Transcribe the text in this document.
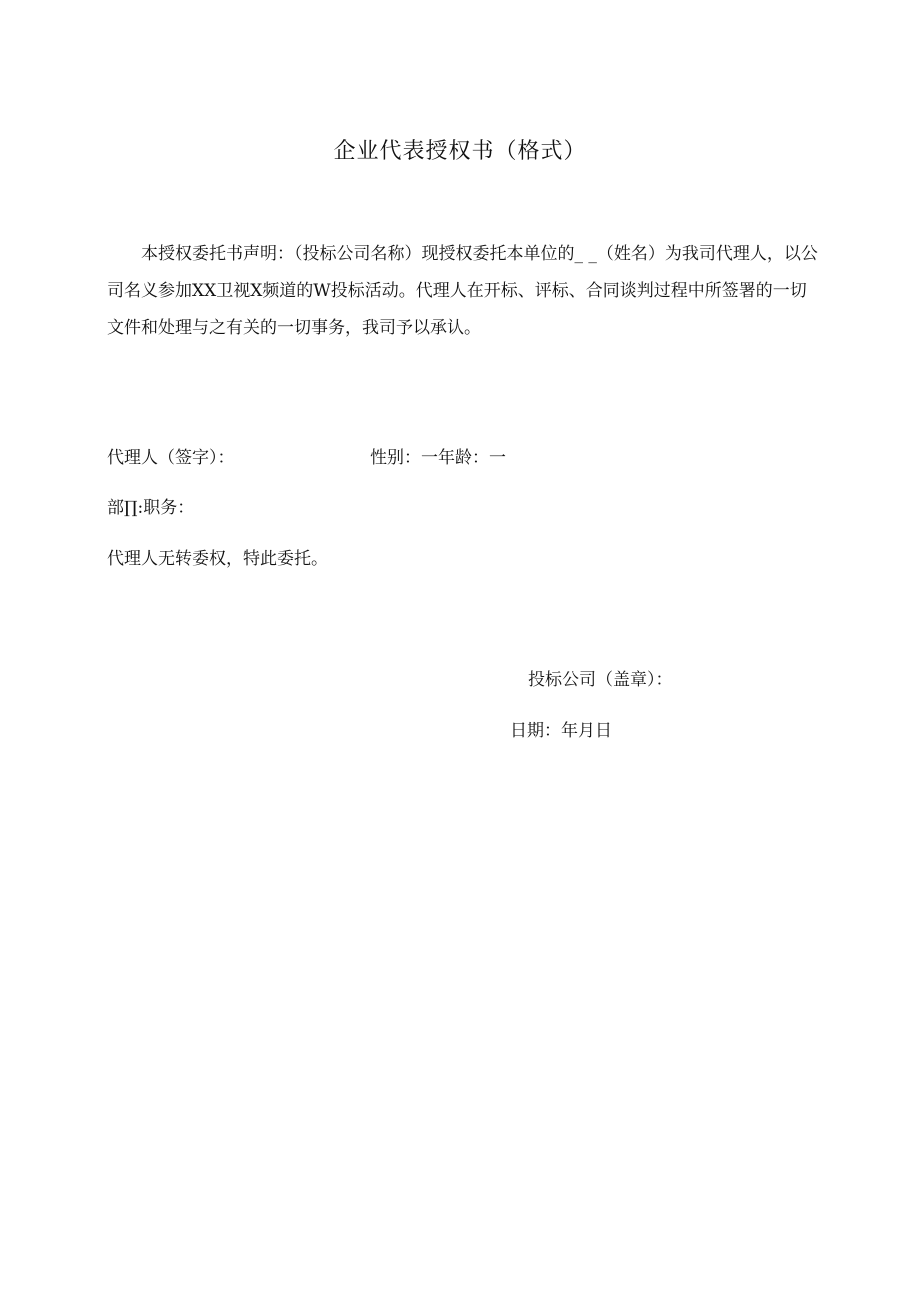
企业代表授权书（格式）

本授权委托书声明：（投标公司名称）现授权委托本单位的_ _（姓名）为我司代理人，以公司名义参加XX卫视X频道的W投标活动。代理人在开标、评标、合同谈判过程中所签署的一切文件和处理与之有关的一切事务，我司予以承认。

代理人（签字）：	性别：一年龄：一
部∏:职务：
代理人无转委权，特此委托。
投标公司（盖章）：
日期：年月日
